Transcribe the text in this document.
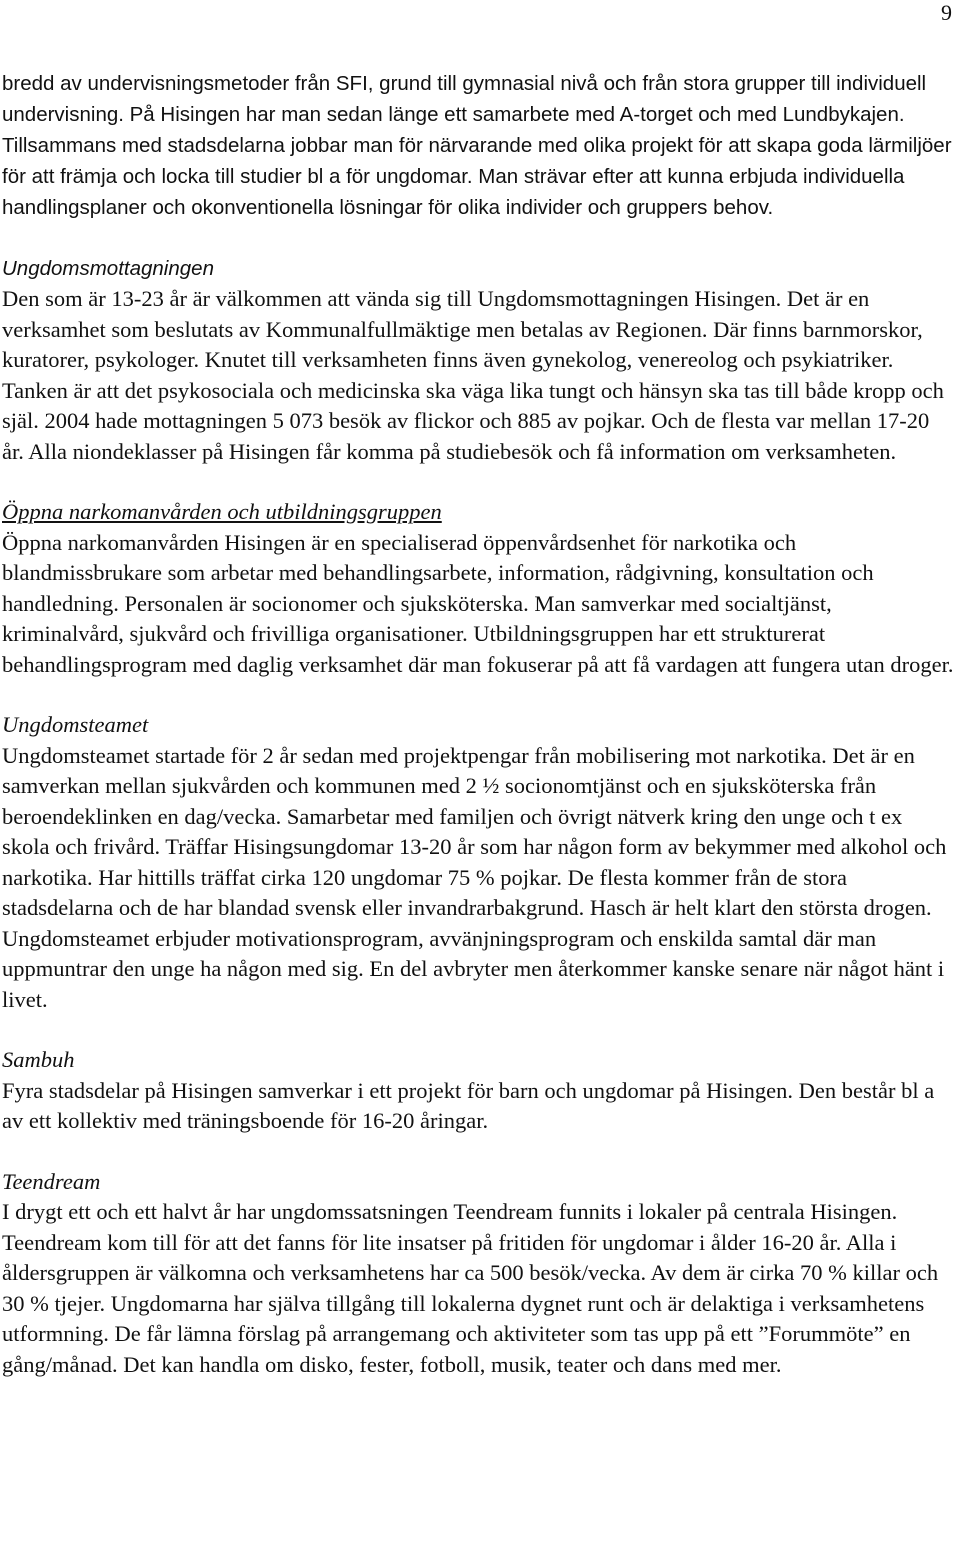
9

bredd av undervisningsmetoder från SFI, grund till gymnasial nivå och från stora grupper till individuell undervisning. På Hisingen har man sedan länge ett samarbete med A-torget och med Lundbykajen. Tillsammans med stadsdelarna jobbar man för närvarande med olika projekt för att skapa goda lärmiljöer för att främja och locka till studier bl a för ungdomar. Man strävar efter att kunna erbjuda individuella handlingsplaner och okonventionella lösningar för olika individer och gruppers behov.

Ungdomsmottagningen

Den som är 13-23 år är välkommen att vända sig till Ungdomsmottagningen Hisingen. Det är en verksamhet som beslutats av Kommunalfullmäktige men betalas av Regionen. Där finns barnmorskor, kuratorer, psykologer. Knutet till verksamheten finns även gynekolog, venereolog och psykiatriker. Tanken är att det psykosociala och medicinska ska väga lika tungt och hänsyn ska tas till både kropp och själ. 2004 hade mottagningen 5 073 besök av flickor och 885 av pojkar. Och de flesta var mellan 17-20 år. Alla niondeklasser på Hisingen får komma på studiebesök och få information om verksamheten.

Öppna narkomanvården och utbildningsgruppen

Öppna narkomanvården Hisingen är en specialiserad öppenvårdsenhet för narkotika och blandmissbrukare som arbetar med behandlingsarbete, information, rådgivning, konsultation och handledning. Personalen är socionomer och sjuksköterska. Man samverkar med socialtjänst, kriminalvård, sjukvård och frivilliga organisationer. Utbildningsgruppen har ett strukturerat behandlingsprogram med daglig verksamhet där man fokuserar på att få vardagen att fungera utan droger.

Ungdomsteamet

Ungdomsteamet startade för 2 år sedan med projektpengar från mobilisering mot narkotika. Det är en samverkan mellan sjukvården och kommunen med 2 ½ socionomtjänst och en sjuksköterska från beroendeklinken en dag/vecka. Samarbetar med familjen och övrigt nätverk kring den unge och t ex skola och frivård. Träffar Hisingsungdomar 13-20 år som har någon form av bekymmer med alkohol och narkotika. Har hittills träffat cirka 120 ungdomar 75 % pojkar. De flesta kommer från de stora stadsdelarna och de har blandad svensk eller invandrarbakgrund. Hasch är helt klart den största drogen. Ungdomsteamet erbjuder motivationsprogram, avvänjningsprogram och enskilda samtal där man uppmuntrar den unge ha någon med sig. En del avbryter men återkommer kanske senare när något hänt i livet.

Sambuh

Fyra stadsdelar på Hisingen samverkar i ett projekt för barn och ungdomar på Hisingen. Den består bl a av ett kollektiv med träningsboende för 16-20 åringar.

Teendream

I drygt ett och ett halvt år har ungdomssatsningen Teendream funnits i lokaler på centrala Hisingen. Teendream kom till för att det fanns för lite insatser på fritiden för ungdomar i ålder 16-20 år. Alla i åldersgruppen är välkomna och verksamhetens har ca 500 besök/vecka. Av dem är cirka 70 % killar och 30 % tjejer. Ungdomarna har själva tillgång till lokalerna dygnet runt och är delaktiga i verksamhetens utformning. De får lämna förslag på arrangemang och aktiviteter som tas upp på ett ”Forummöte” en gång/månad. Det kan handla om disko, fester, fotboll, musik, teater och dans med mer.
